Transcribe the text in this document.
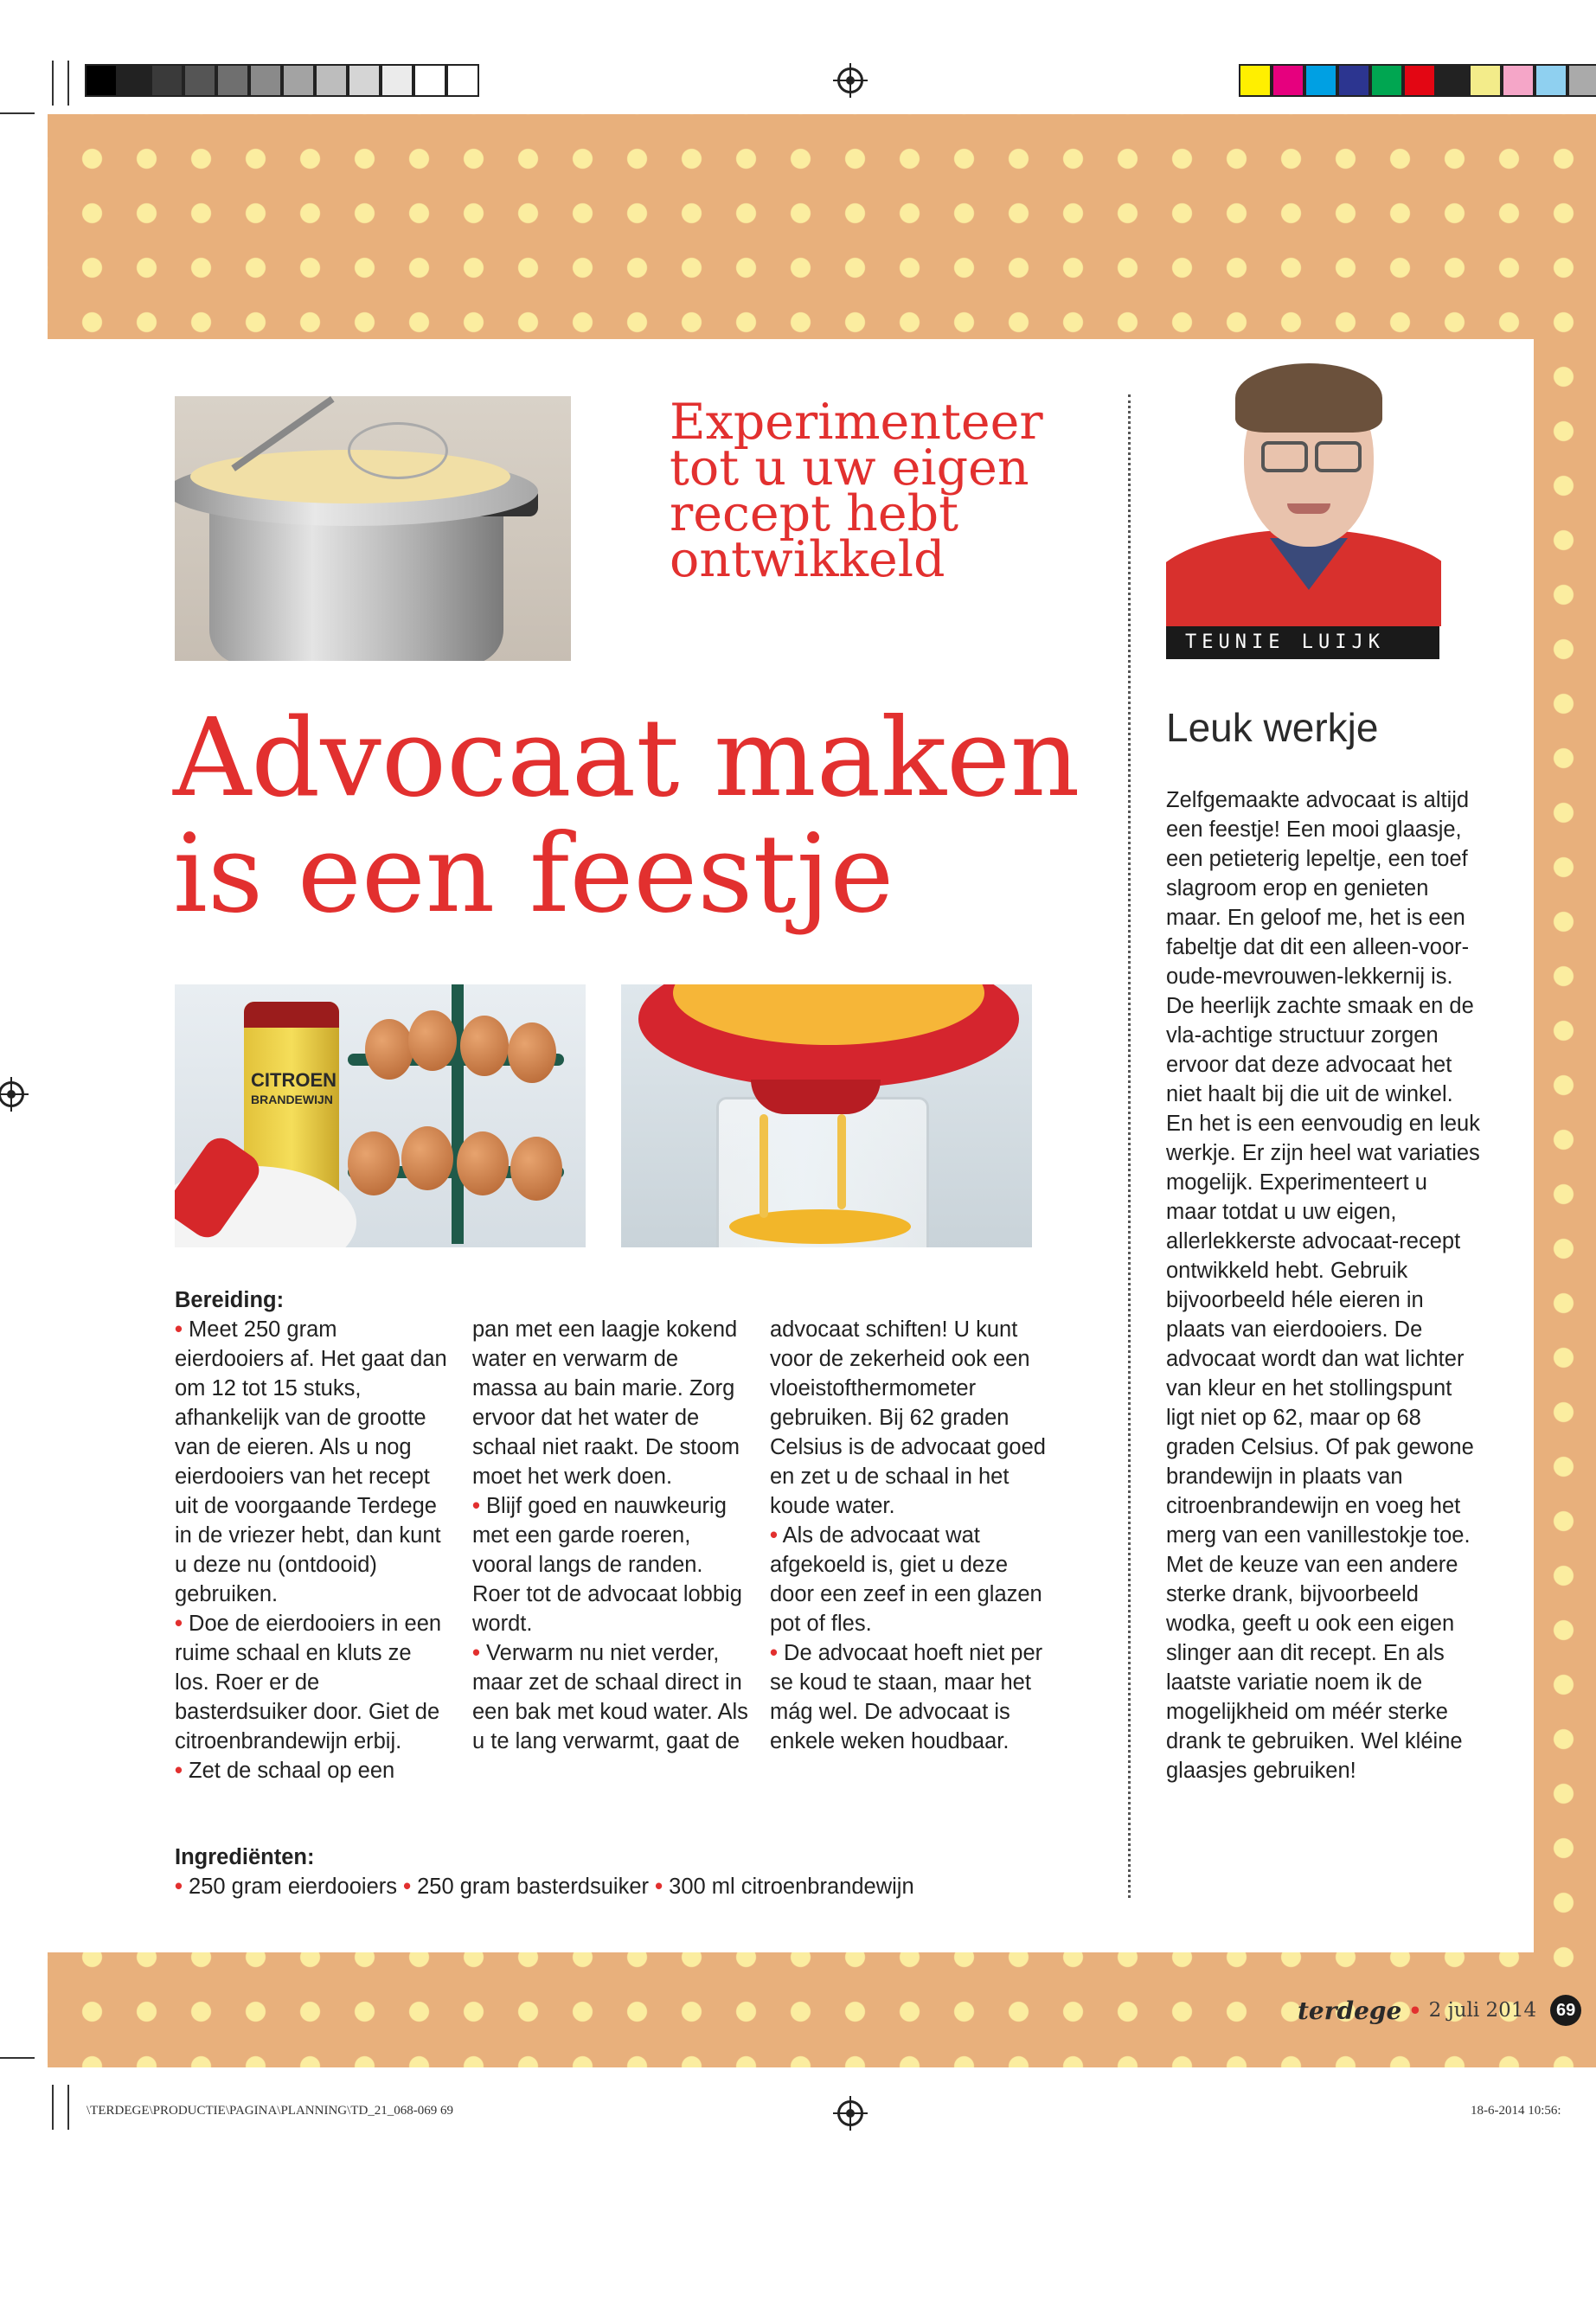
Experimenteer tot u uw eigen recept hebt ontwikkeld
TEUNIE LUIJK
Leuk werkje
Zelfgemaakte advocaat is altijd een feestje! Een mooi glaasje, een petieterig lepeltje, een toef slagroom erop en genieten maar. En geloof me, het is een fabeltje dat dit een alleen-voor-oude-mevrouwen-lekkernij is. De heerlijk zachte smaak en de vla-achtige structuur zorgen ervoor dat deze advocaat het niet haalt bij die uit de winkel. En het is een eenvoudig en leuk werkje. Er zijn heel wat variaties mogelijk. Experimenteert u maar totdat u uw eigen, allerlekkerste advocaat-recept ontwikkeld hebt. Gebruik bijvoorbeeld héle eieren in plaats van eierdooiers. De advocaat wordt dan wat lichter van kleur en het stollingspunt ligt niet op 62, maar op 68 graden Celsius. Of pak gewone brandewijn in plaats van citroenbrandewijn en voeg het merg van een vanillestokje toe. Met de keuze van een andere sterke drank, bijvoorbeeld wodka, geeft u ook een eigen slinger aan dit recept. En als laatste variatie noem ik de mogelijkheid om méér sterke drank te gebruiken. Wel kléine glaasjes gebruiken!
Advocaat maken
is een feestje
CITROEN
BRANDEWIJN
Bereiding:

• Meet 250 gram eierdooiers af. Het gaat dan om 12 tot 15 stuks, afhankelijk van de grootte van de eieren. Als u nog eierdooiers van het recept uit de voorgaande Terdege in de vriezer hebt, dan kunt u deze nu (ontdooid) gebruiken.

• Doe de eierdooiers in een ruime schaal en kluts ze los. Roer er de basterdsuiker door. Giet de citroenbrandewijn erbij.

• Zet de schaal op een

pan met een laagje kokend water en verwarm de massa au bain marie. Zorg ervoor dat het water de schaal niet raakt. De stoom moet het werk doen.

• Blijf goed en nauwkeurig met een garde roeren, vooral langs de randen. Roer tot de advocaat lobbig wordt.

• Verwarm nu niet verder, maar zet de schaal direct in een bak met koud water. Als u te lang verwarmt, gaat de

advocaat schiften! U kunt voor de zekerheid ook een vloeistofthermometer gebruiken. Bij 62 graden Celsius is de advocaat goed en zet u de schaal in het koude water.

• Als de advocaat wat afgekoeld is, giet u deze door een zeef in een glazen pot of fles.

• De advocaat hoeft niet per se koud te staan, maar het mág wel. De advocaat is enkele weken houdbaar.

Ingrediënten:
• 250 gram eierdooiers • 250 gram basterdsuiker • 300 ml citroenbrandewijn
terdege • 2 juli 2014	69
\TERDEGE\PRODUCTIE\PAGINA\PLANNING\TD_21_068-069 69	18-6-2014 10:56:
